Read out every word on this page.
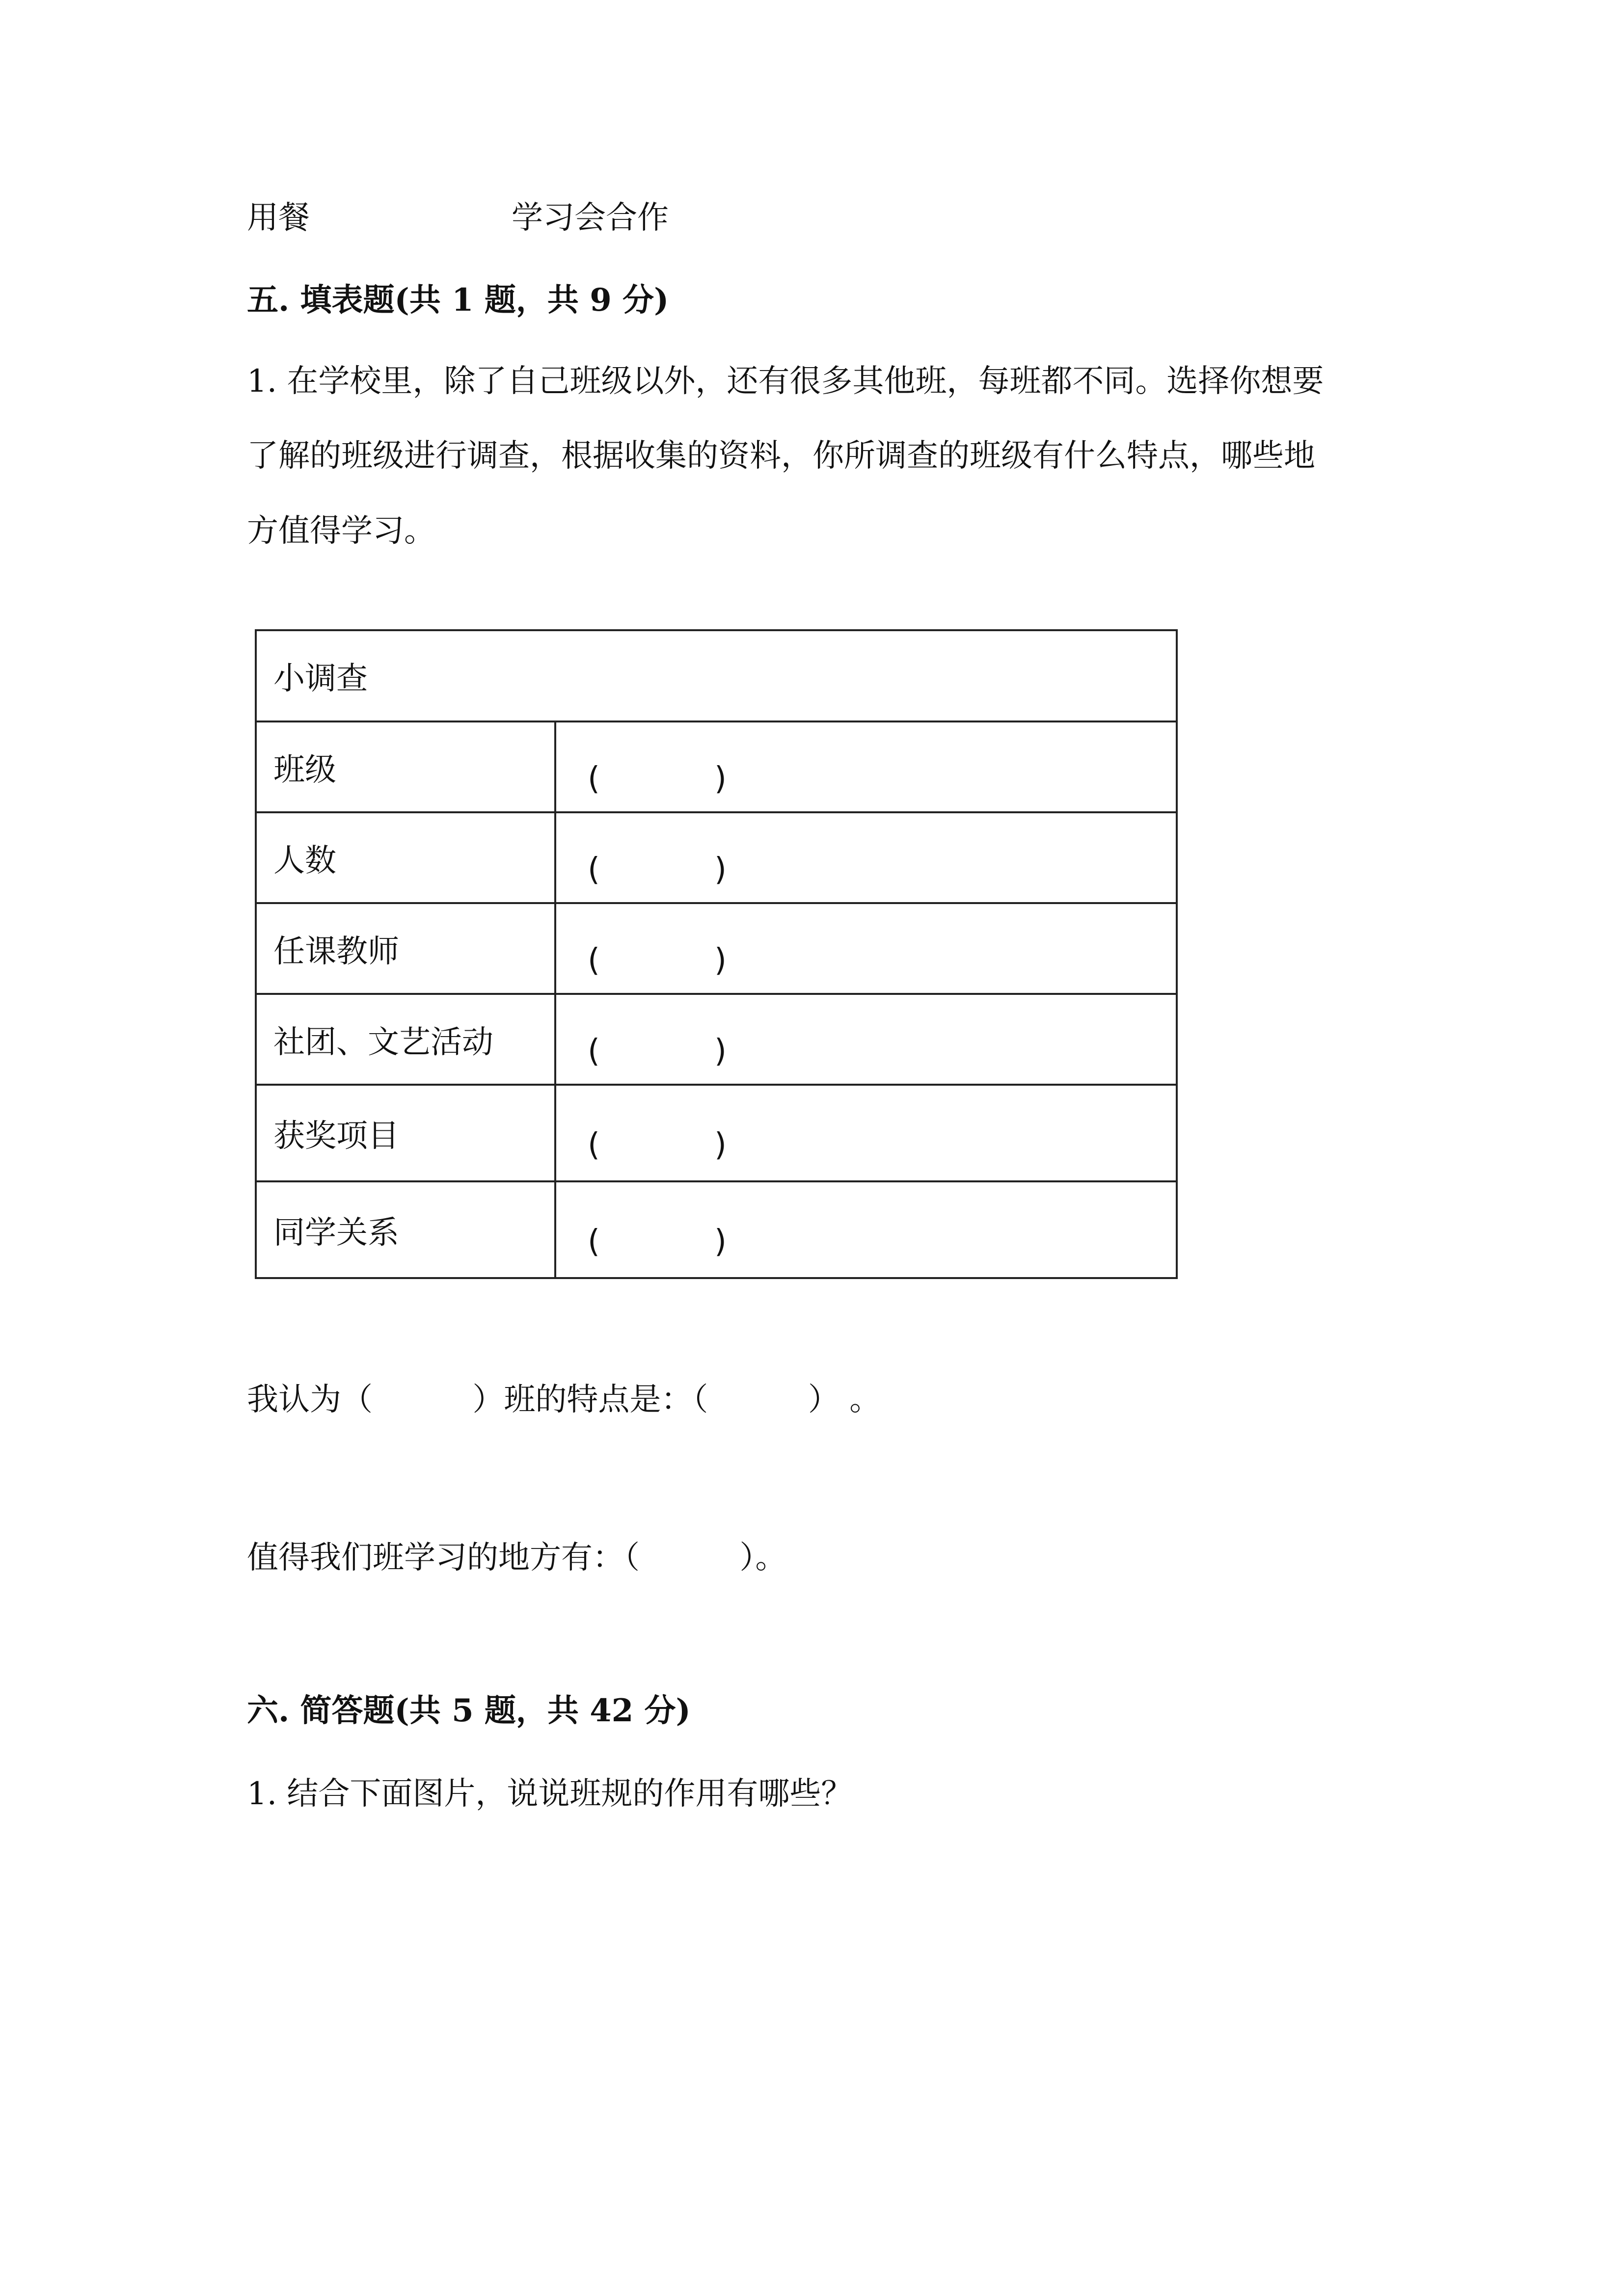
用餐	学习会合作

五. 填表题(共 1 题，共 9 分)

1. 在学校里，除了自己班级以外，还有很多其他班，每班都不同。选择你想要

了解的班级进行调查，根据收集的资料，你所调查的班级有什么特点，哪些地

方值得学习。

小调查	
班级	( )

人数	( )

任课教师	( )

社团、文艺活动	( )

获奖项目	( )

同学关系	( )

我认为（          ）班的特点是：（          ） 。

值得我们班学习的地方有：（          ）。

六. 简答题(共 5 题，共 42 分)

1. 结合下面图片，说说班规的作用有哪些？
